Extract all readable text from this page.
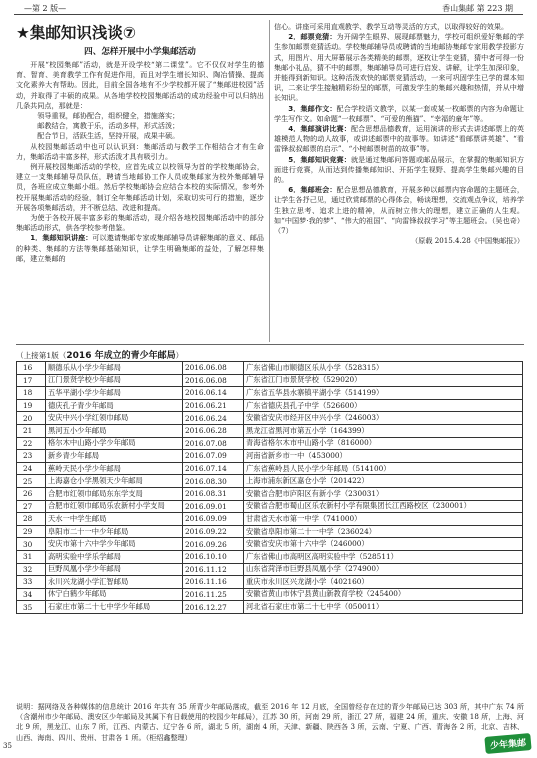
—第 2 版—	香山集邮 第 223 期
★集邮知识浅谈⑦
四、怎样开展中小学集邮活动

开展“校园集邮”活动，就是开设学校“第二课堂”。它不仅仅对学生的德育、智育、美育教学工作有促进作用，而且对学生增长知识、陶冶情操、提高文化素养大有帮助。因此，目前全国各地有不少学校都开展了“集邮进校园”活动，并取得了丰硕的成果。从各地学校校园集邮活动的成功经验中可以归纳出几条共同点，那就是：

领导重视，邮协配合，组织健全，措施落实；

邮教结合，寓教于乐，活动多样，形式活泼；

配合节日，活跃生活，坚持开展，成果丰硕。

从校园集邮活动中也可以认识到：集邮活动与教学工作相结合才有生命力，集邮活动丰富多样，形式活泼才具有吸引力。

例开展校园集邮活动的学校，应首先成立以校领导为首的学校集邮协会，建立一支集邮辅导员队伍，聘请当地邮协工作人员或集邮家为校外集邮辅导员，各班应成立集邮小组。然后学校集邮协会应结合本校的实际情况，参考外校开展集邮活动的经验，制订全年集邮活动计划，采取切实可行的措施，逐步开展各项集邮活动，并不断总结、改进和提高。

为使于各校开展丰富多彩的集邮活动，现介绍各地校园集邮活动中的部分集邮活动形式，供各学校参考借鉴。

1．集邮知识讲座：可以邀请集邮专家或集邮辅导员讲解集邮的意义、邮品的种类、集邮的方法等集邮基础知识，让学生明确集邮的益处，了解怎样集邮，建立集邮的

信心。讲座可采用直观教学、教学互动等灵活的方式，以取得较好的效果。

2．邮票竞猜：为开阔学生眼界、展现邮票魅力，学校可组织爱好集邮的学生参加邮票竞猜活动。学校集邮辅导员或聘请的当地邮协集邮专家用教学投影方式，用图片、用大屏幕展示各类精美的邮票，逐枚让学生竞猜，猜中者可得一份集邮小礼品，猜不中的邮票，集邮辅导员可进行启发、讲解，让学生加深印象，并能得到新知识。这种活泼欢快的邮票竞猜活动，一来可巩固学生已学的课本知识，二来让学生接触精彩纷呈的邮票，可激发学生的集邮兴趣和热情，并从中增长知识。

3．集邮作文：配合学校语文教学，以某一套或某一枚邮票的内容为命题让学生写作文。如命题“一枚邮票”、“可爱的熊猫”、“幸福的童年”等。

4．集邮演讲比赛：配合思想品德教育，运用演讲的形式去讲述邮票上的英雄模范人物的动人故事，或讲述邮票中的故事等。如讲述“看邮票讲英雄”、“看雷锋叔叔邮票的启示”、“小树邮票树苗的故事”等。

5．集邮知识竞赛：就是通过集邮问答题或邮品展示，在掌握的集邮知识方面进行竞赛，从而达到传播集邮知识、开拓学生视野、提高学生集邮兴趣的目的。

6．集邮班会：配合思想品德教育，开展多种以邮票内容命题的主题班会，让学生各抒己见，通过欣赏邮票的心得体会，畅谈理想，交流观点争议，培养学生独立思考、追求上进的精神，从而树立伟大的理想，建立正确的人生观。如“中国梦·我的梦”、“伟大的祖国”、“向雷锋叔叔学习”等主题班会。（吴也奇）（7）

（原载 2015.4.28《中国集邮报》）

（上接第1版（2016 年成立的青少年邮局）
16	顺德乐从小学少年邮局	2016.06.08	广东省佛山市顺德区乐从小学（528315）
17	江门景贤学校少年邮局	2016.06.08	广东省江门市景贤学校（529020）
18	五华平湖小学少年邮局	2016.06.14	广东省五华县水寨镇平湖小学（514199）
19	德庆孔子青少年邮局	2016.06.21	广东省德庆县孔子中学（526600）
20	安庆中兴小学红领巾邮局	2016.06.24	安徽省安庆市经开区中兴小学（246003）
21	黑河五小少年邮局	2016.06.28	黑龙江省黑河市第五小学（164399）
22	格尔木中山路小学少年邮局	2016.07.08	青海省格尔木市中山路小学（816000）
23	新乡青少年邮局	2016.07.09	河南省新乡市一中（453000）
24	蕉岭天民小学少年邮局	2016.07.14	广东省蕉岭县人民小学少年邮局（514100）
25	上海嘉仓小学黑领天少年邮局	2016.08.30	上海市浦东新区嘉仓小学（201422）
26	合肥市红领巾邮局东东学支局	2016.08.31	安徽省合肥市庐阳区有新小学（230031）
27	合肥市红领巾邮局乐农新村小学支局	2016.09.01	安徽省合肥市蜀山区乐农新村小学有限集团长江西路校区（230001）
28	天水一中学生邮局	2016.09.09	甘肃省天水市第一中学（741000）
29	阜阳市二十一中少年邮局	2016.09.22	安徽省阜阳市第二十一中学（236024）
30	安庆市第十六中学少年邮局	2016.09.26	安徽省安庆市第十六中学（246000）
31	高明实验中学乐学邮局	2016.10.10	广东省佛山市高明区高明实验中学（528511）
32	巨野凤凰小学少年邮局	2016.11.12	山东省菏泽市巨野县凤凰小学（274900）
33	永川兴龙湖小学汇智邮局	2016.11.16	重庆市永川区兴龙湖小学（402160）
34	休宁白鹤少年邮局	2016.11.25	安徽省黄山市休宁县黄山新教育学校（245400）
35	石家庄市第二十七中学少年邮局	2016.12.27	河北省石家庄市第二十七中学（050011）
说明：据网络及各种媒体的信息统计 2016 年共有 35 所青少年邮局落成，截至 2016 年 12 月底，全国曾经存在过的青少年邮局已达 303 所，其中广东 74 所（含潮州市少年邮局、澳安区少年邮局及其属下有日载使用的校园少年邮局），江苏 30 所，河南 29 所，浙江 27 所，福建 24 所，重庆、安徽 18 所，上海、河北 9 所，黑龙江、山东 7 所，江西、内蒙古、辽宁各 6 所，湖北 5 所，湖南 4 所，天津、新疆、陕西各 3 所，云南、宁夏、广西、青海各 2 所，北京、吉林、山西、海南、四川、贵州、甘肃各 1 所。（柜绍鑫整理）
35	少年集邮
